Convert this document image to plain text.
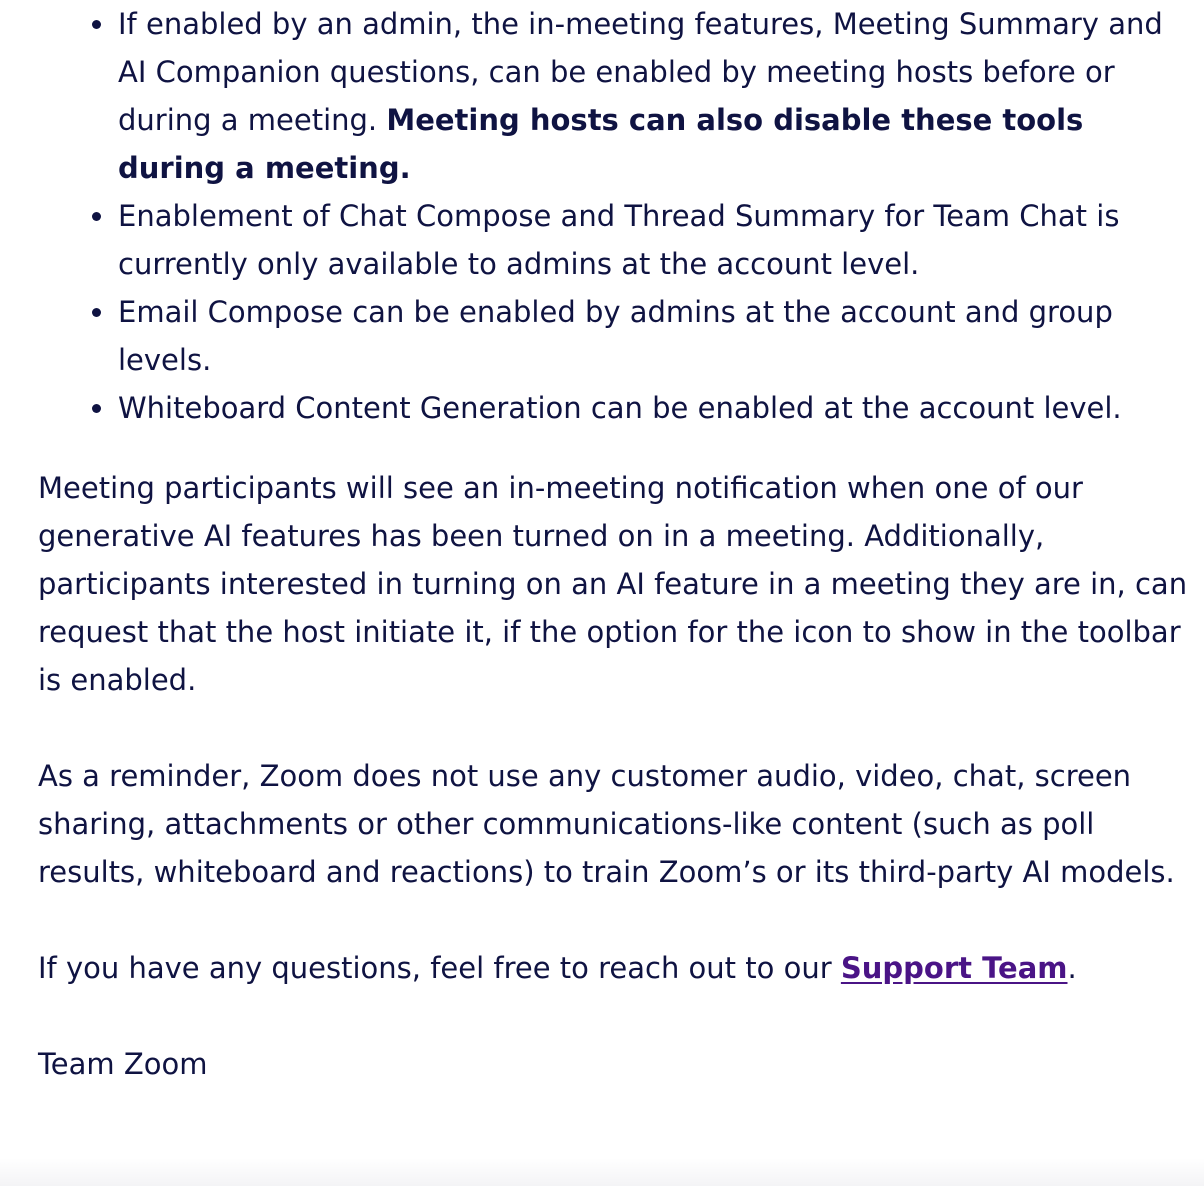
If enabled by an admin, the in-meeting features, Meeting Summary and AI Companion questions, can be enabled by meeting hosts before or during a meeting. Meeting hosts can also disable these tools during a meeting.
Enablement of Chat Compose and Thread Summary for Team Chat is currently only available to admins at the account level.
Email Compose can be enabled by admins at the account and group levels.
Whiteboard Content Generation can be enabled at the account level.

Meeting participants will see an in-meeting notification when one of our generative AI features has been turned on in a meeting. Additionally, participants interested in turning on an AI feature in a meeting they are in, can request that the host initiate it, if the option for the icon to show in the toolbar is enabled.

As a reminder, Zoom does not use any customer audio, video, chat, screen sharing, attachments or other communications-like content (such as poll results, whiteboard and reactions) to train Zoom’s or its third-party AI models.

If you have any questions, feel free to reach out to our Support Team.

Team Zoom
